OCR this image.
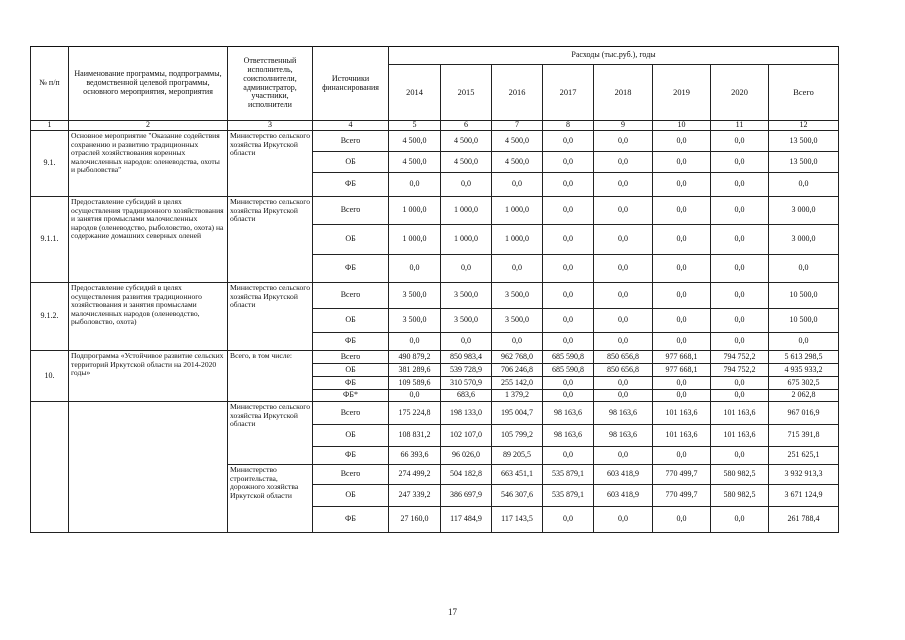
№ п/п	Наименование программы, подпрограммы, ведомственной целевой программы, основного мероприятия, мероприятия	Ответственный исполнитель, соисполнители, администратор, участники, исполнители	Источники финансирования	Расходы (тыс.руб.), годы							
				2014	2015	2016	2017	2018	2019	2020	Всего
1	2	3	4	5	6	7	8	9	10	11	12
9.1.	Основное мероприятие "Оказание содействия сохранению и развитию традиционных отраслей хозяйствования коренных малочисленных народов: оленеводства, охоты и рыболовства"	Министерство сельского хозяйства Иркутской области	Всего	4 500,0	4 500,0	4 500,0	0,0	0,0	0,0	0,0	13 500,0
			ОБ	4 500,0	4 500,0	4 500,0	0,0	0,0	0,0	0,0	13 500,0
			ФБ	0,0	0,0	0,0	0,0	0,0	0,0	0,0	0,0
9.1.1.	Предоставление субсидий в целях осуществления традиционного хозяйствования и занятия промыслами малочисленных народов (оленеводство, рыболовство, охота) на содержание домашних северных оленей	Министерство сельского хозяйства Иркутской области	Всего	1 000,0	1 000,0	1 000,0	0,0	0,0	0,0	0,0	3 000,0
			ОБ	1 000,0	1 000,0	1 000,0	0,0	0,0	0,0	0,0	3 000,0
			ФБ	0,0	0,0	0,0	0,0	0,0	0,0	0,0	0,0
9.1.2.	Предоставление субсидий в целях осуществления развития традиционного хозяйствования и занятия промыслами малочисленных народов (оленеводство, рыболовство, охота)	Министерство сельского хозяйства Иркутской области	Всего	3 500,0	3 500,0	3 500,0	0,0	0,0	0,0	0,0	10 500,0
			ОБ	3 500,0	3 500,0	3 500,0	0,0	0,0	0,0	0,0	10 500,0
			ФБ	0,0	0,0	0,0	0,0	0,0	0,0	0,0	0,0
10.	Подпрограмма «Устойчивое развитие сельских территорий Иркутской области на 2014-2020 годы»	Всего, в том числе:	Всего	490 879,2	850 983,4	962 768,0	685 590,8	850 656,8	977 668,1	794 752,2	5 613 298,5
			ОБ	381 289,6	539 728,9	706 246,8	685 590,8	850 656,8	977 668,1	794 752,2	4 935 933,2
			ФБ	109 589,6	310 570,9	255 142,0	0,0	0,0	0,0	0,0	675 302,5
			ФБ*	0,0	683,6	1 379,2	0,0	0,0	0,0	0,0	2 062,8
		Министерство сельского хозяйства Иркутской области	Всего	175 224,8	198 133,0	195 004,7	98 163,6	98 163,6	101 163,6	101 163,6	967 016,9
			ОБ	108 831,2	102 107,0	105 799,2	98 163,6	98 163,6	101 163,6	101 163,6	715 391,8
			ФБ	66 393,6	96 026,0	89 205,5	0,0	0,0	0,0	0,0	251 625,1
		Министерство строительства, дорожного хозяйства Иркутской области	Всего	274 499,2	504 182,8	663 451,1	535 879,1	603 418,9	770 499,7	580 982,5	3 932 913,3
			ОБ	247 339,2	386 697,9	546 307,6	535 879,1	603 418,9	770 499,7	580 982,5	3 671 124,9
			ФБ	27 160,0	117 484,9	117 143,5	0,0	0,0	0,0	0,0	261 788,4
17
